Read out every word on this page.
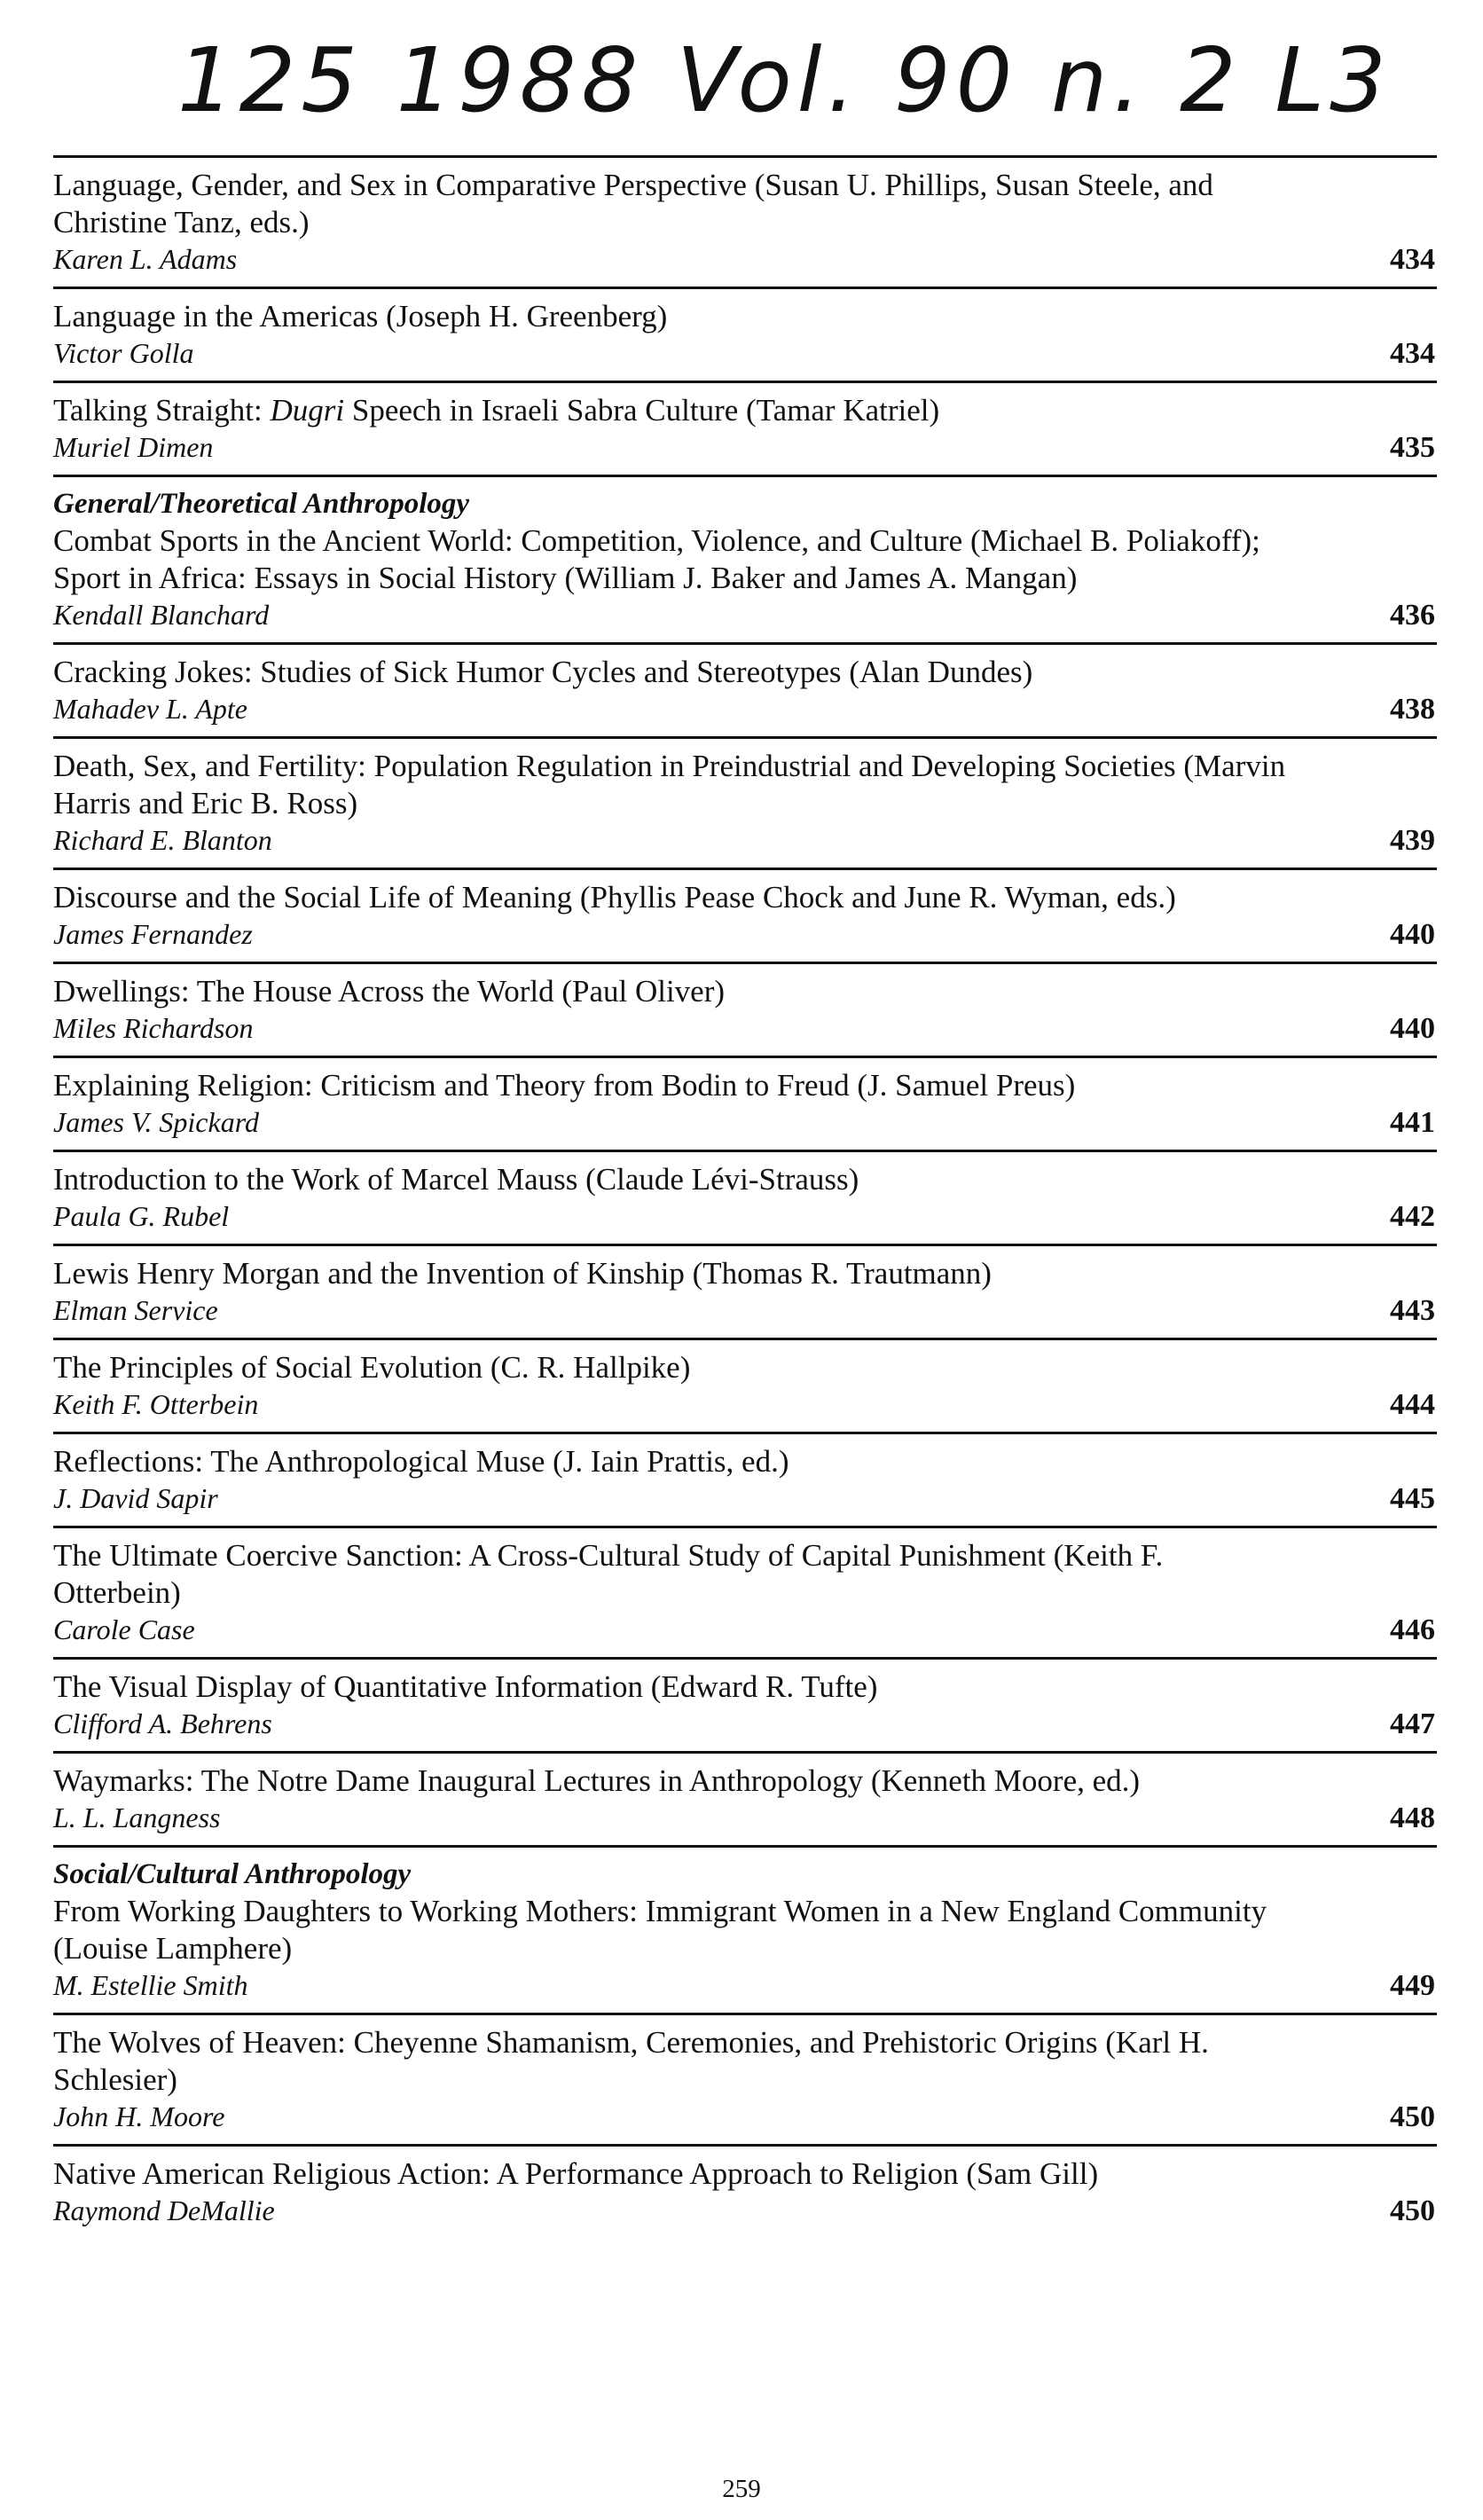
125 1988 Vol. 90 n. 2 L3
Language, Gender, and Sex in Comparative Perspective (Susan U. Phillips, Susan Steele, and Christine Tanz, eds.)
Karen L. Adams	434
Language in the Americas (Joseph H. Greenberg)
Victor Golla	434
Talking Straight: Dugri Speech in Israeli Sabra Culture (Tamar Katriel)
Muriel Dimen	435
General/Theoretical Anthropology
Combat Sports in the Ancient World: Competition, Violence, and Culture (Michael B. Poliakoff); Sport in Africa: Essays in Social History (William J. Baker and James A. Mangan)
Kendall Blanchard	436
Cracking Jokes: Studies of Sick Humor Cycles and Stereotypes (Alan Dundes)
Mahadev L. Apte	438
Death, Sex, and Fertility: Population Regulation in Preindustrial and Developing Societies (Marvin Harris and Eric B. Ross)
Richard E. Blanton	439
Discourse and the Social Life of Meaning (Phyllis Pease Chock and June R. Wyman, eds.)
James Fernandez	440
Dwellings: The House Across the World (Paul Oliver)
Miles Richardson	440
Explaining Religion: Criticism and Theory from Bodin to Freud (J. Samuel Preus)
James V. Spickard	441
Introduction to the Work of Marcel Mauss (Claude Lévi-Strauss)
Paula G. Rubel	442
Lewis Henry Morgan and the Invention of Kinship (Thomas R. Trautmann)
Elman Service	443
The Principles of Social Evolution (C. R. Hallpike)
Keith F. Otterbein	444
Reflections: The Anthropological Muse (J. Iain Prattis, ed.)
J. David Sapir	445
The Ultimate Coercive Sanction: A Cross-Cultural Study of Capital Punishment (Keith F. Otterbein)
Carole Case	446
The Visual Display of Quantitative Information (Edward R. Tufte)
Clifford A. Behrens	447
Waymarks: The Notre Dame Inaugural Lectures in Anthropology (Kenneth Moore, ed.)
L. L. Langness	448
Social/Cultural Anthropology
From Working Daughters to Working Mothers: Immigrant Women in a New England Community (Louise Lamphere)
M. Estellie Smith	449
The Wolves of Heaven: Cheyenne Shamanism, Ceremonies, and Prehistoric Origins (Karl H. Schlesier)
John H. Moore	450
Native American Religious Action: A Performance Approach to Religion (Sam Gill)
Raymond DeMallie	450
259
